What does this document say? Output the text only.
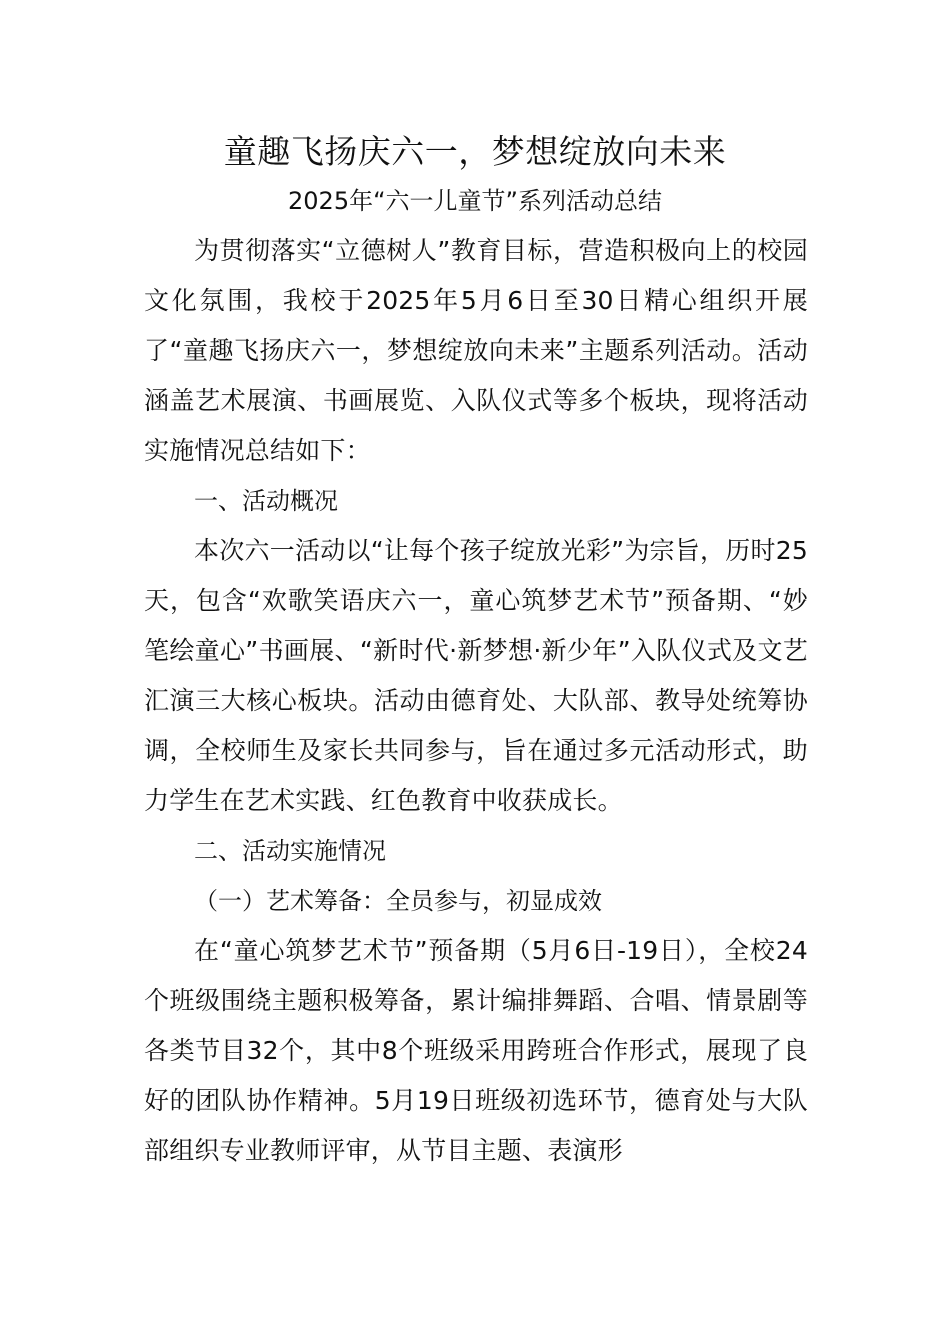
童趣飞扬庆六一，梦想绽放向未来
2025年“六一儿童节”系列活动总结

为贯彻落实“立德树人”教育目标，营造积极向上的校园文化氛围，我校于2025年5月6日至30日精心组织开展了“童趣飞扬庆六一，梦想绽放向未来”主题系列活动。活动涵盖艺术展演、书画展览、入队仪式等多个板块，现将活动实施情况总结如下：

一、活动概况

本次六一活动以“让每个孩子绽放光彩”为宗旨，历时25天，包含“欢歌笑语庆六一，童心筑梦艺术节”预备期、“妙笔绘童心”书画展、“新时代·新梦想·新少年”入队仪式及文艺汇演三大核心板块。活动由德育处、大队部、教导处统筹协调，全校师生及家长共同参与，旨在通过多元活动形式，助力学生在艺术实践、红色教育中收获成长。

二、活动实施情况

（一）艺术筹备：全员参与，初显成效

在“童心筑梦艺术节”预备期（5月6日-19日），全校24个班级围绕主题积极筹备，累计编排舞蹈、合唱、情景剧等各类节目32个，其中8个班级采用跨班合作形式，展现了良好的团队协作精神。5月19日班级初选环节，德育处与大队部组织专业教师评审，从节目主题、表演形
